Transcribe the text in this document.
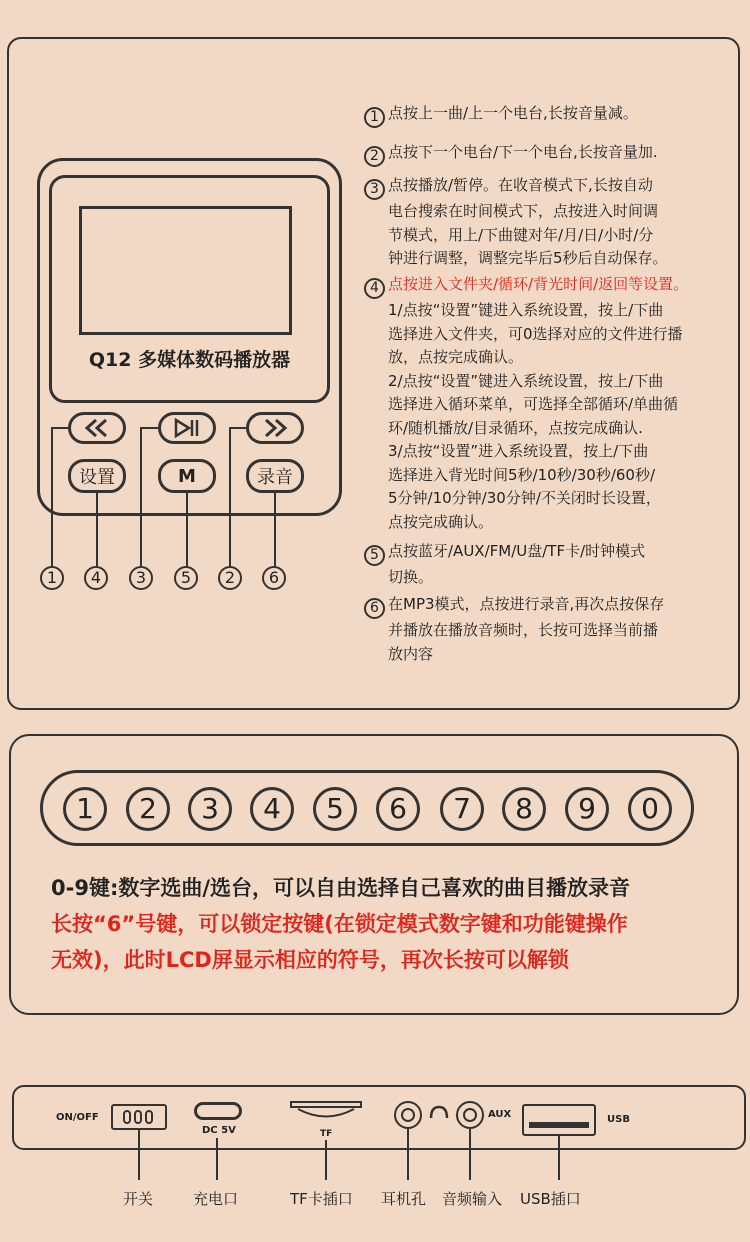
Q12 多媒体数码播放器
设置	M	录音
1	4	3	5	2	6
1 点按上一曲/上一个电台,长按音量减。
2 点按下一个电台/下一个电台,长按音量加.
3 点按播放/暂停。在收音模式下,长按自动
电台搜索在时间模式下，点按进入时间调
节模式，用上/下曲键对年/月/日/小时/分
钟进行调整，调整完毕后5秒后自动保存。
4 点按进入文件夹/循环/背光时间/返回等设置。
1/点按“设置”键进入系统设置，按上/下曲
选择进入文件夹，可0选择对应的文件进行播
放，点按完成确认。
2/点按“设置”键进入系统设置，按上/下曲
选择进入循环菜单，可选择全部循环/单曲循
环/随机播放/目录循环，点按完成确认.
3/点按“设置”进入系统设置，按上/下曲
选择进入背光时间5秒/10秒/30秒/60秒/
5分钟/10分钟/30分钟/不关闭时长设置，
点按完成确认。
5 点按蓝牙/AUX/FM/U盘/TF卡/时钟模式
切换。
6 在MP3模式，点按进行录音,再次点按保存
并播放在播放音频时，长按可选择当前播
放内容
1	2	3	4	5	6	7	8	9	0
0-9键:数字选曲/选台，可以自由选择自己喜欢的曲目播放录音
长按“6”号键，可以锁定按键(在锁定模式数字键和功能键操作
无效)，此时LCD屏显示相应的符号，再次长按可以解锁
ON/OFF
DC 5V	TF
AUX	USB
开关	充电口	TF卡插口 耳机孔 音频输入 USB插口
